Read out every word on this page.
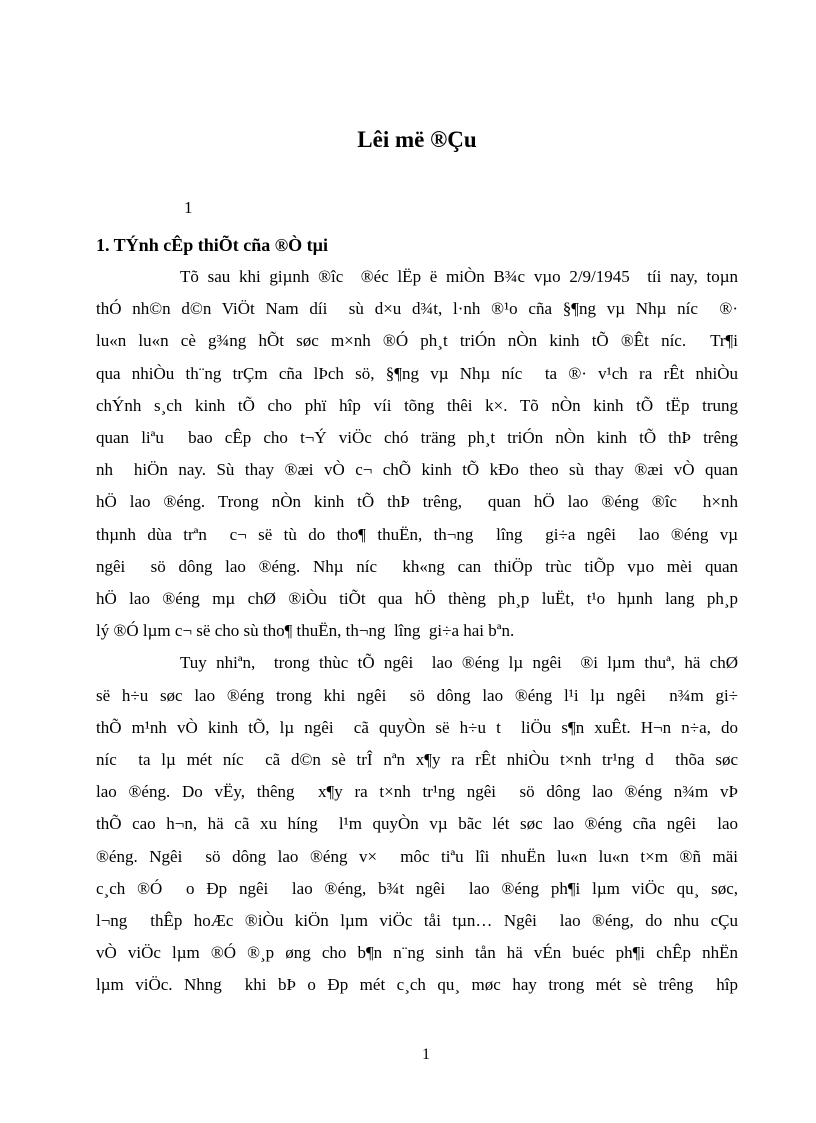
Lêi më ®Çu
1
1. TÝnh cÊp thiÕt cña ®Ò tµi
Tõ sau khi giµnh ®îc  ®éc lËp ë miÒn B¾c vµo 2/9/1945  tíi nay, toµn
thÓ nh©n d©n ViÖt Nam díi  sù d×u d¾t, l·nh ®¹o cña §¶ng vµ Nhµ níc  ®·
lu«n lu«n cè g¾ng hÕt søc m×nh ®Ó ph¸t triÓn nÒn kinh tÕ ®Êt níc.  Tr¶i
qua nhiÒu th¨ng trÇm cña lÞch sö, §¶ng vµ Nhµ níc  ta ®· v¹ch ra rÊt nhiÒu
chÝnh s¸ch kinh tÕ cho phï hîp víi tõng thêi k×. Tõ nÒn kinh tÕ tËp trung
quan liªu  bao cÊp cho t¬Ý viÖc chó träng ph¸t triÓn nÒn kinh tÕ thÞ trêng
nh  hiÖn nay. Sù thay ®æi vÒ c¬ chÕ kinh tÕ kÐo theo sù thay ®æi vÒ quan
hÖ lao ®éng. Trong nÒn kinh tÕ thÞ trêng,  quan hÖ lao ®éng ®îc  h×nh
thµnh dùa trªn  c¬ së tù do tho¶ thuËn, th¬ng  lîng  gi÷a ngêi  lao ®éng vµ
ngêi  sö dông lao ®éng. Nhµ níc  kh«ng can thiÖp trùc tiÕp vµo mèi quan
hÖ lao ®éng mµ chØ ®iÒu tiÕt qua hÖ thèng ph¸p luËt, t¹o hµnh lang ph¸p
lý ®Ó lµm c¬ së cho sù tho¶ thuËn, th¬ng  lîng  gi÷a hai bªn.
Tuy nhiªn,  trong thùc tÕ ngêi  lao ®éng lµ ngêi  ®i lµm thuª, hä chØ
së h÷u søc lao ®éng trong khi ngêi  sö dông lao ®éng l¹i lµ ngêi  n¾m gi÷
thÕ m¹nh vÒ kinh tÕ, lµ ngêi  cã quyÒn së h÷u t  liÖu s¶n xuÊt. H¬n n÷a, do
níc  ta lµ mét níc  cã d©n sè trÎ nªn x¶y ra rÊt nhiÒu t×nh tr¹ng d  thõa søc
lao ®éng. Do vËy, thêng  x¶y ra t×nh tr¹ng ngêi  sö dông lao ®éng n¾m vÞ
thÕ cao h¬n, hä cã xu híng  l¹m quyÒn vµ bãc lét søc lao ®éng cña ngêi  lao
®éng. Ngêi  sö dông lao ®éng v×  môc tiªu lîi nhuËn lu«n lu«n t×m ®ñ mäi
c¸ch ®Ó  o Ðp ngêi  lao ®éng, b¾t ngêi  lao ®éng ph¶i lµm viÖc qu¸ søc,
l¬ng  thÊp hoÆc ®iÒu kiÖn lµm viÖc tåi tµn… Ngêi  lao ®éng, do nhu cÇu
vÒ viÖc lµm ®Ó ®¸p øng cho b¶n n¨ng sinh tån hä vÉn buéc ph¶i chÊp nhËn
lµm viÖc. Nhng  khi bÞ o Ðp mét c¸ch qu¸ møc hay trong mét sè trêng  hîp
1
